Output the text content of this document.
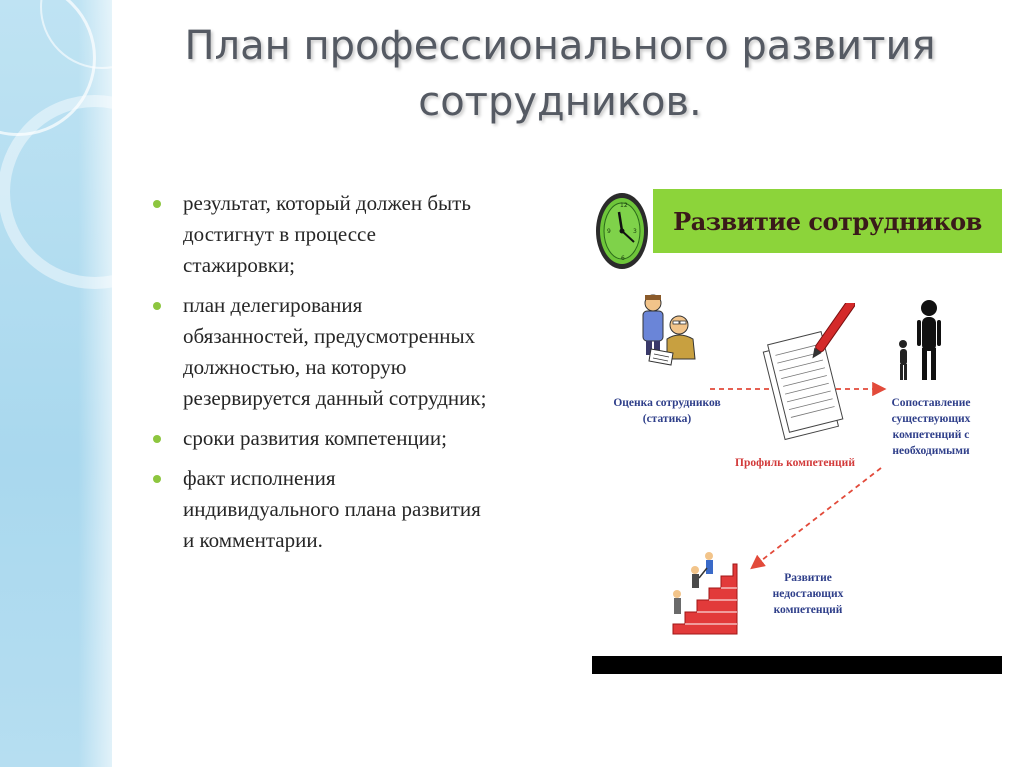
План профессионального развития сотрудников.
результат, который должен быть достигнут в процессе стажировки;
план делегирования обязанностей, предусмотренных должностью, на которую резервируется данный сотрудник;
сроки развития компетенции;
факт исполнения индивидуального плана развития и комментарии.
12
3
6
9	Развитие сотрудников
Оценка сотрудников (статика)
Профиль компетенций
Сопоставление существующих компетенций с необходимыми
Развитие недостающих компетенций
